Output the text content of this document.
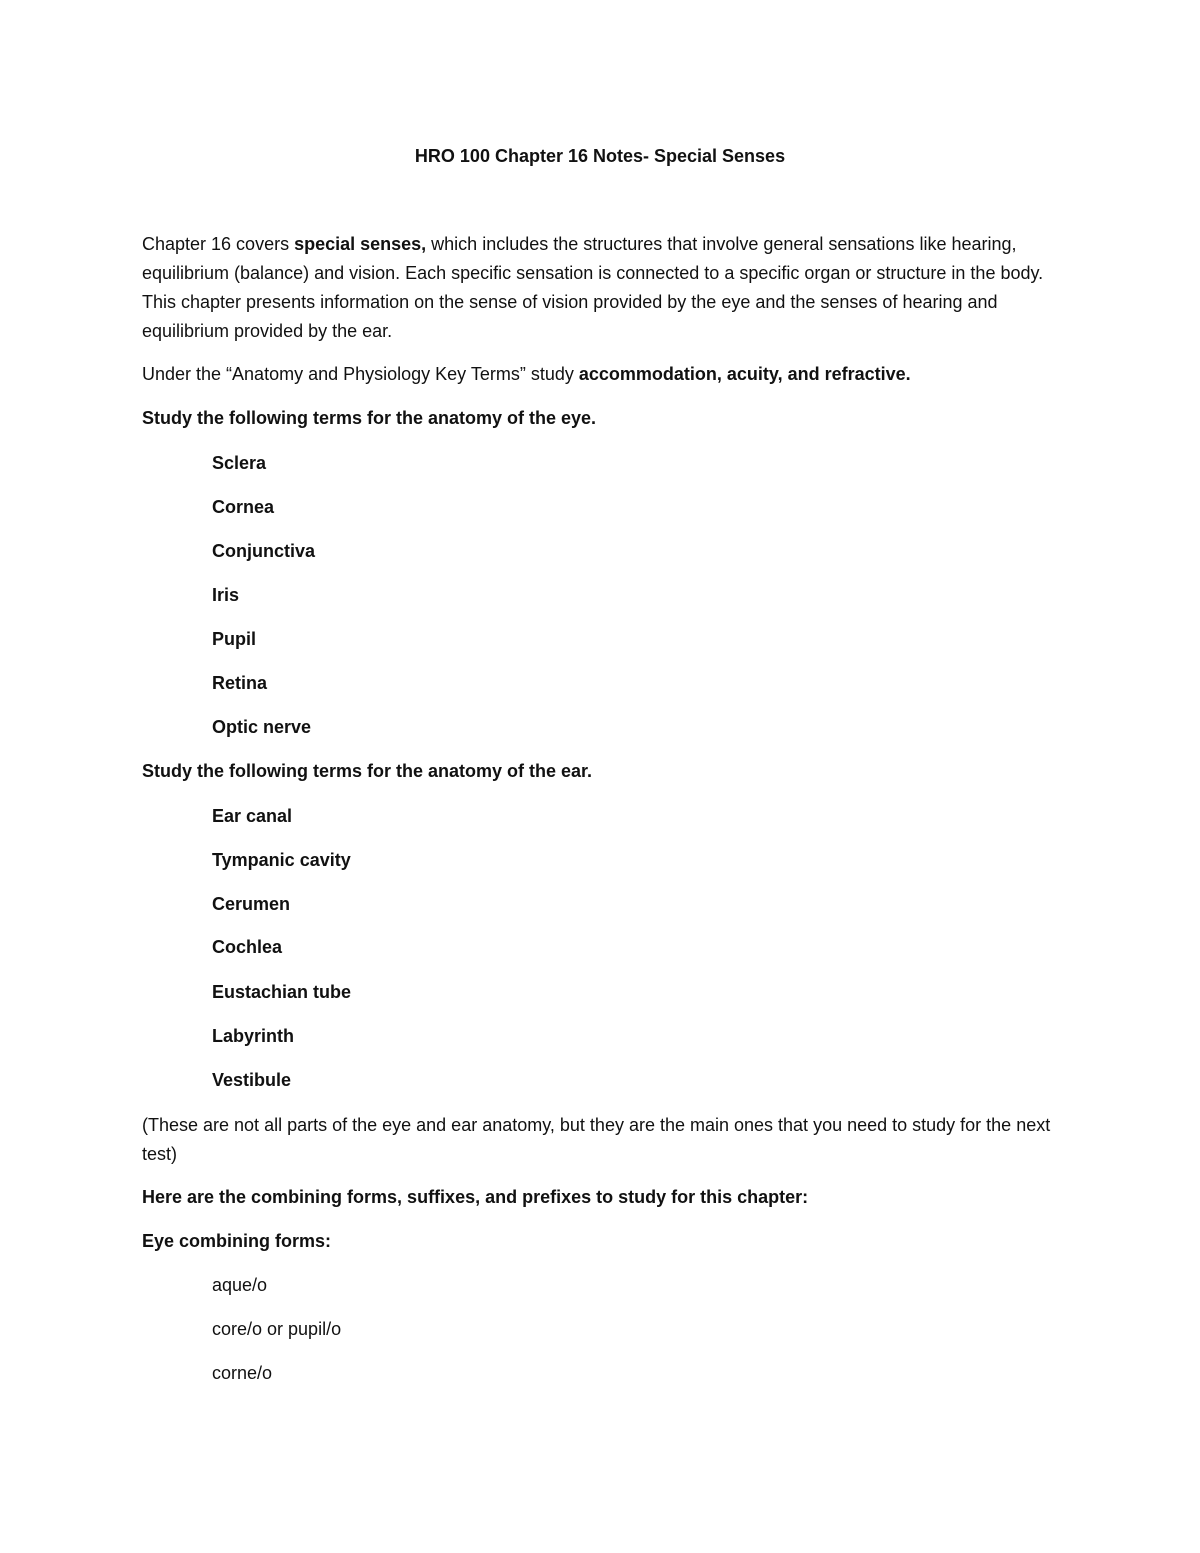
HRO 100 Chapter 16 Notes- Special Senses
Chapter 16 covers special senses, which includes the structures that involve general sensations like hearing, equilibrium (balance) and vision. Each specific sensation is connected to a specific organ or structure in the body. This chapter presents information on the sense of vision provided by the eye and the senses of hearing and equilibrium provided by the ear.
Under the “Anatomy and Physiology Key Terms” study accommodation, acuity, and refractive.
Study the following terms for the anatomy of the eye.
Sclera
Cornea
Conjunctiva
Iris
Pupil
Retina
Optic nerve
Study the following terms for the anatomy of the ear.
Ear canal
Tympanic cavity
Cerumen
Cochlea
Eustachian tube
Labyrinth
Vestibule
(These are not all parts of the eye and ear anatomy, but they are the main ones that you need to study for the next test)
Here are the combining forms, suffixes, and prefixes to study for this chapter:
Eye combining forms:
aque/o
core/o or pupil/o
corne/o
